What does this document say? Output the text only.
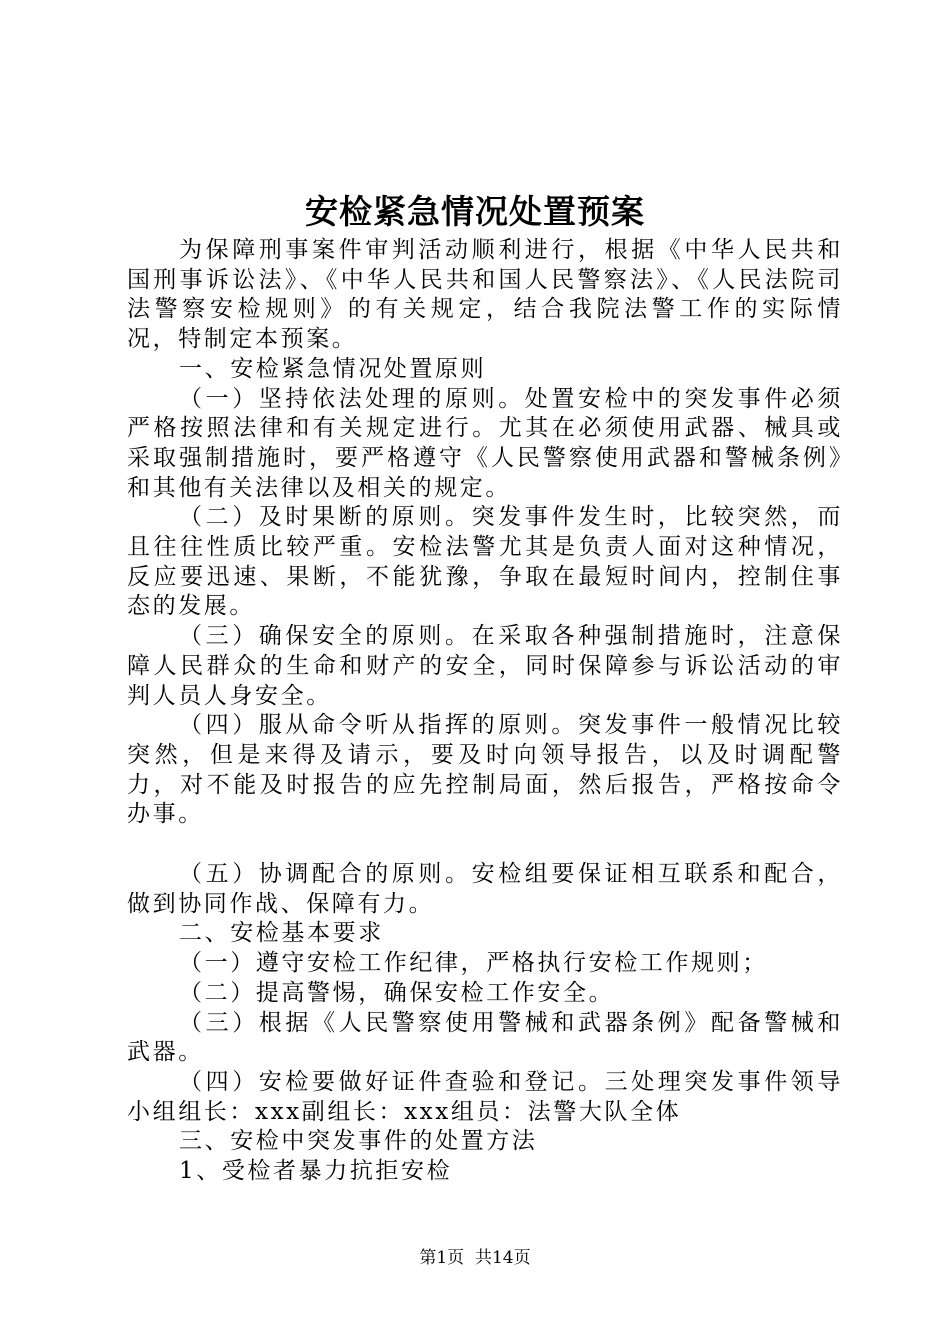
安检紧急情况处置预案

为保障刑事案件审判活动顺利进行，根据《中华人民共和国刑事诉讼法》、《中华人民共和国人民警察法》、《人民法院司法警察安检规则》的有关规定，结合我院法警工作的实际情况，特制定本预案。

一、安检紧急情况处置原则

（一）坚持依法处理的原则。处置安检中的突发事件必须严格按照法律和有关规定进行。尤其在必须使用武器、械具或采取强制措施时，要严格遵守《人民警察使用武器和警械条例》和其他有关法律以及相关的规定。

（二）及时果断的原则。突发事件发生时，比较突然，而且往往性质比较严重。安检法警尤其是负责人面对这种情况，反应要迅速、果断，不能犹豫，争取在最短时间内，控制住事态的发展。

（三）确保安全的原则。在采取各种强制措施时，注意保障人民群众的生命和财产的安全，同时保障参与诉讼活动的审判人员人身安全。

（四）服从命令听从指挥的原则。突发事件一般情况比较突然，但是来得及请示，要及时向领导报告，以及时调配警力，对不能及时报告的应先控制局面，然后报告，严格按命令办事。

（五）协调配合的原则。安检组要保证相互联系和配合，做到协同作战、保障有力。

二、安检基本要求

（一）遵守安检工作纪律，严格执行安检工作规则；

（二）提高警惕，确保安检工作安全。

（三）根据《人民警察使用警械和武器条例》配备警械和武器。

（四）安检要做好证件查验和登记。三处理突发事件领导小组组长：xxx副组长：xxx组员：法警大队全体

三、安检中突发事件的处置方法

1、受检者暴力抗拒安检

第1页  共14页
